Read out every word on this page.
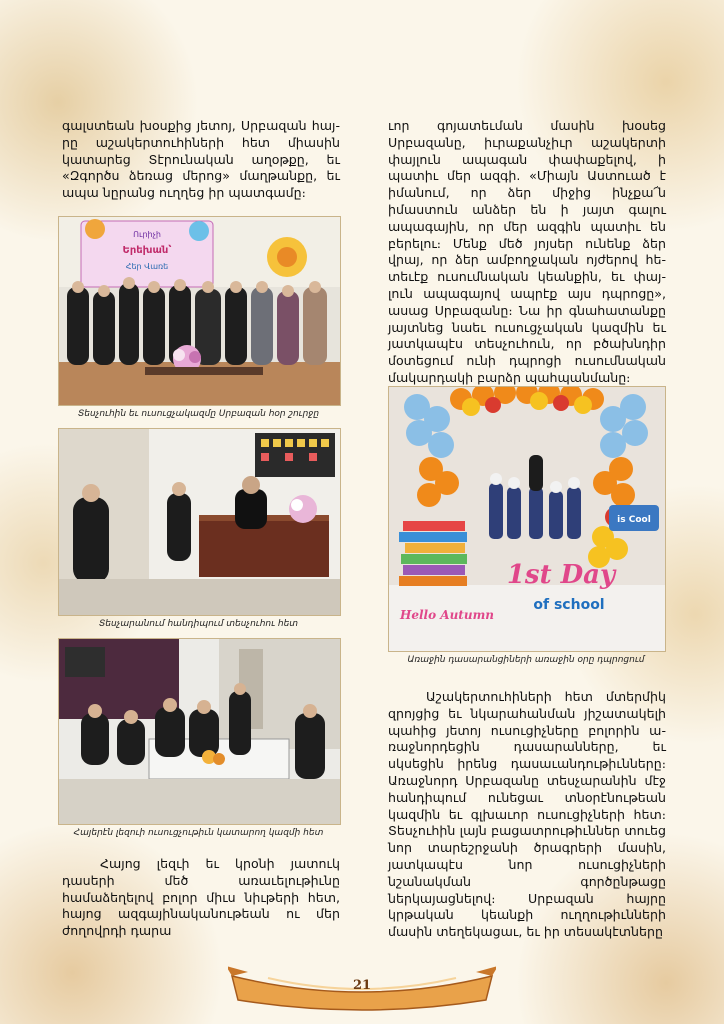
գալստեան խօսքից յետոյ, Սրբազան հայրը աշակերտուհիների հետ միասին կատարեց Տէրունական աղօթքը, եւ «Զգործս ձեռաց մերոց» մաղթանքը, եւ ապա նըրանց ուղղեց իր պատգամը։

Ուրիչի
Երեխան՝
Հեր Վառե
Տեսչուհին եւ ուսուցչակազմը Սրբազան հօր շուրջը
Տեսչարանում հանդիպում տեսչուհու հետ
Հայերէն լեզուի ուսուցչութիւն կատարող կազմի հետ

Հայոց լեզւի եւ կրօնի յատուկ դասերի մեծ առաւելութիւնը համաձեղելով բոլոր միւս նիւթերի հետ, հայոց ազգայինականութեան ու մեր ժողովրդի դարա

ւոր գոյատեւման մասին խօսեց Սրբազանը, իւրաքանչիւր աշակերտի փայլուն ապագան փափաքելով, ի պատիւ մեր ազգի. «Միայն Աստուած է իմանում, որ ձեր միջից ինչքա՜ն իմաստուն անձեր են ի յայտ գալու ապագային, որ մեր ազգին պատիւ են բերելու։ Մենք մեծ յոյսեր ունենք ձեր վրայ, որ ձեր ամբողջական ոյժերով հետեւէք ուսումնական կեանքին, եւ փայլուն ապագայով ապրէք այս դպրոցը», ասաց Սրբազանը։ Նա իր գնահատանքը յայտնեց նաեւ ուսուցչական կազմին եւ յատկապէս տեսչուհուն, որ բծախնդիր մօտեցում ունի դպրոցի ուսումնական մակարդակի բարձր պահպանմանը։

is Cool
1st Day
of school
Hello Autumn
Առաջին դասարանցիների առաջին օրը դպրոցում

Աշակերտուհիների հետ մտերմիկ զրոյցից եւ նկարահանման յիշատակելի պահից յետոյ ուսուցիչները բոլորին առաջնորդեցին դասարանները, եւ սկսեցին իրենց դասաւանդութիւնները։ Առաջնորդ Սրբազանը տեսչարանին մէջ հանդիպում ունեցաւ տնօրէնութեան կազմին եւ գլխաւոր ուսուցիչների հետ։ Տեսչուհին լայն բացատրութիւններ տուեց նոր տարեշրջանի ծրագրերի մասին, յատկապէս նոր ուսուցիչների նշանակման գործընթացը ներկայացնելով։ Սրբազան հայրը կրթական կեանքի ուղղութիւնների մասին տեղեկացաւ, եւ իր տեսակէտները

21
